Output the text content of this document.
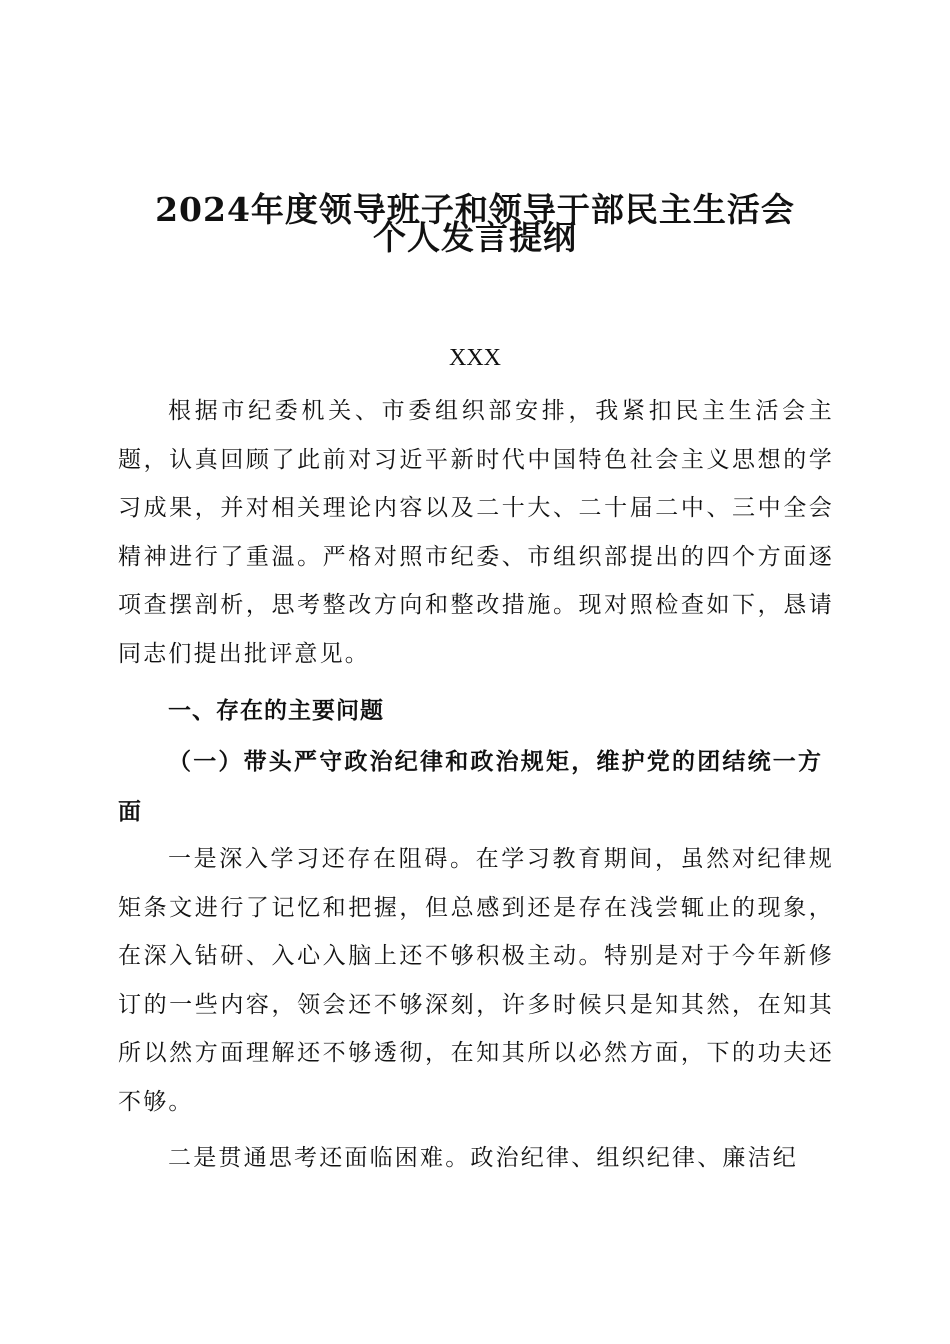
2024年度领导班子和领导干部民主生活会
个人发言提纲
XXX

根据市纪委机关、市委组织部安排，我紧扣民主生活会主题，认真回顾了此前对习近平新时代中国特色社会主义思想的学习成果，并对相关理论内容以及二十大、二十届二中、三中全会精神进行了重温。严格对照市纪委、市组织部提出的四个方面逐项查摆剖析，思考整改方向和整改措施。现对照检查如下，恳请同志们提出批评意见。

一、存在的主要问题
（一）带头严守政治纪律和政治规矩，维护党的团结统一方面

一是深入学习还存在阻碍。在学习教育期间，虽然对纪律规矩条文进行了记忆和把握，但总感到还是存在浅尝辄止的现象，在深入钻研、入心入脑上还不够积极主动。特别是对于今年新修订的一些内容，领会还不够深刻，许多时候只是知其然，在知其所以然方面理解还不够透彻，在知其所以必然方面，下的功夫还不够。

二是贯通思考还面临困难。政治纪律、组织纪律、廉洁纪
